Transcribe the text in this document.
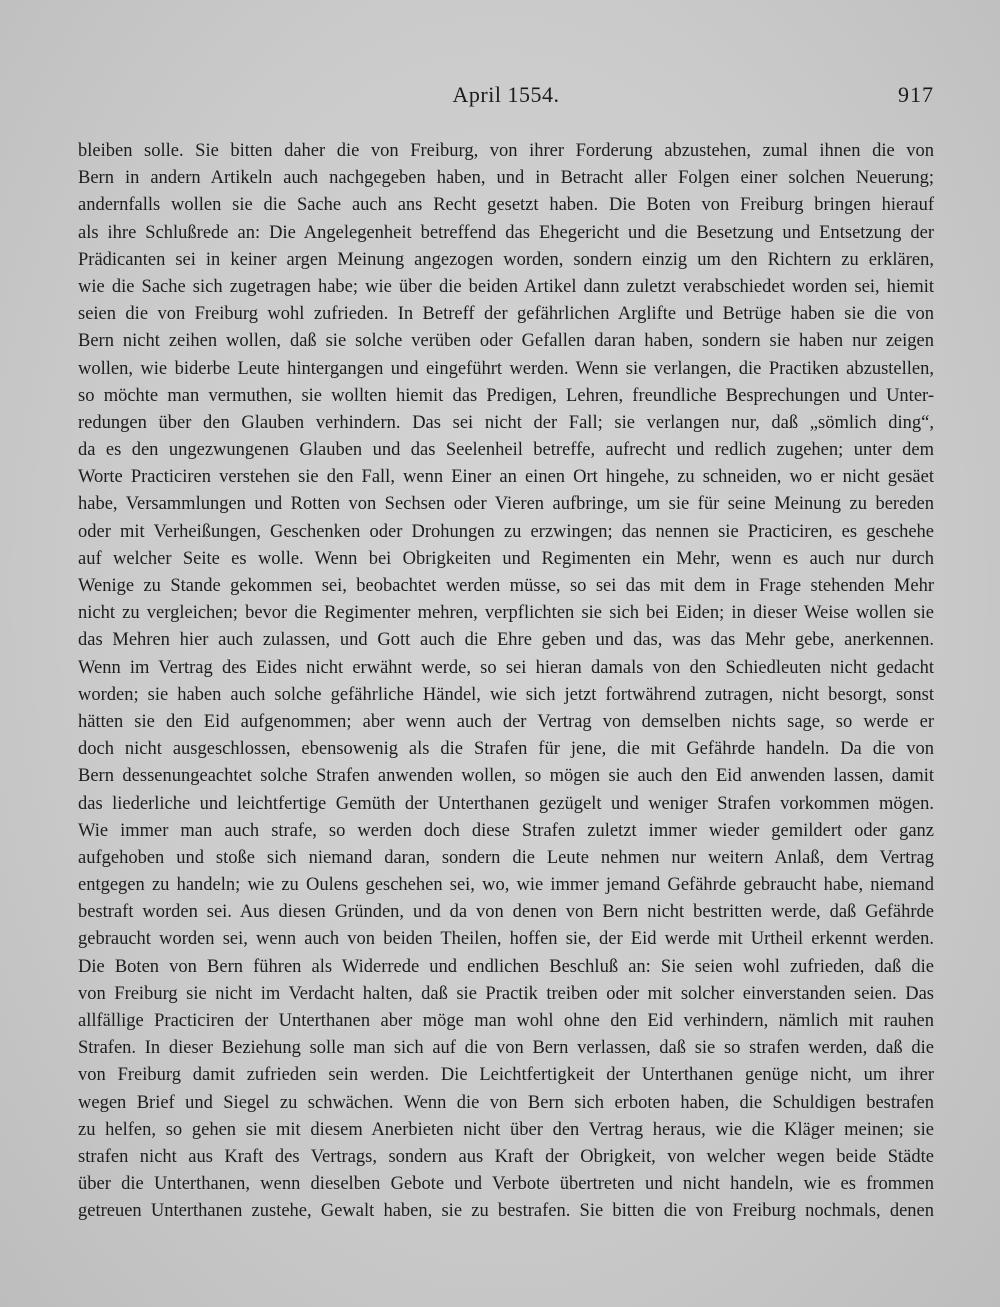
April 1554.	917
bleiben solle. Sie bitten daher die von Freiburg, von ihrer Forderung abzustehen, zumal ihnen die von
Bern in andern Artikeln auch nachgegeben haben, und in Betracht aller Folgen einer solchen Neuerung;
andernfalls wollen sie die Sache auch ans Recht gesetzt haben. Die Boten von Freiburg bringen hierauf
als ihre Schlußrede an: Die Angelegenheit betreffend das Ehegericht und die Besetzung und Entsetzung der
Prädicanten sei in keiner argen Meinung angezogen worden, sondern einzig um den Richtern zu erklären,
wie die Sache sich zugetragen habe; wie über die beiden Artikel dann zuletzt verabschiedet worden sei, hiemit
seien die von Freiburg wohl zufrieden. In Betreff der gefährlichen Arglifte und Betrüge haben sie die von
Bern nicht zeihen wollen, daß sie solche verüben oder Gefallen daran haben, sondern sie haben nur zeigen
wollen, wie biderbe Leute hintergangen und eingeführt werden. Wenn sie verlangen, die Practiken abzustellen,
so möchte man vermuthen, sie wollten hiemit das Predigen, Lehren, freundliche Besprechungen und Unter-
redungen über den Glauben verhindern. Das sei nicht der Fall; sie verlangen nur, daß „sömlich ding“,
da es den ungezwungenen Glauben und das Seelenheil betreffe, aufrecht und redlich zugehen; unter dem
Worte Practiciren verstehen sie den Fall, wenn Einer an einen Ort hingehe, zu schneiden, wo er nicht gesäet
habe, Versammlungen und Rotten von Sechsen oder Vieren aufbringe, um sie für seine Meinung zu bereden
oder mit Verheißungen, Geschenken oder Drohungen zu erzwingen; das nennen sie Practiciren, es geschehe
auf welcher Seite es wolle. Wenn bei Obrigkeiten und Regimenten ein Mehr, wenn es auch nur durch
Wenige zu Stande gekommen sei, beobachtet werden müsse, so sei das mit dem in Frage stehenden Mehr
nicht zu vergleichen; bevor die Regimenter mehren, verpflichten sie sich bei Eiden; in dieser Weise wollen sie
das Mehren hier auch zulassen, und Gott auch die Ehre geben und das, was das Mehr gebe, anerkennen.
Wenn im Vertrag des Eides nicht erwähnt werde, so sei hieran damals von den Schiedleuten nicht gedacht
worden; sie haben auch solche gefährliche Händel, wie sich jetzt fortwährend zutragen, nicht besorgt, sonst
hätten sie den Eid aufgenommen; aber wenn auch der Vertrag von demselben nichts sage, so werde er
doch nicht ausgeschlossen, ebensowenig als die Strafen für jene, die mit Gefährde handeln. Da die von
Bern dessenungeachtet solche Strafen anwenden wollen, so mögen sie auch den Eid anwenden lassen, damit
das liederliche und leichtfertige Gemüth der Unterthanen gezügelt und weniger Strafen vorkommen mögen.
Wie immer man auch strafe, so werden doch diese Strafen zuletzt immer wieder gemildert oder ganz
aufgehoben und stoße sich niemand daran, sondern die Leute nehmen nur weitern Anlaß, dem Vertrag
entgegen zu handeln; wie zu Oulens geschehen sei, wo, wie immer jemand Gefährde gebraucht habe, niemand
bestraft worden sei. Aus diesen Gründen, und da von denen von Bern nicht bestritten werde, daß Gefährde
gebraucht worden sei, wenn auch von beiden Theilen, hoffen sie, der Eid werde mit Urtheil erkennt werden.
Die Boten von Bern führen als Widerrede und endlichen Beschluß an: Sie seien wohl zufrieden, daß die
von Freiburg sie nicht im Verdacht halten, daß sie Practik treiben oder mit solcher einverstanden seien. Das
allfällige Practiciren der Unterthanen aber möge man wohl ohne den Eid verhindern, nämlich mit rauhen
Strafen. In dieser Beziehung solle man sich auf die von Bern verlassen, daß sie so strafen werden, daß die
von Freiburg damit zufrieden sein werden. Die Leichtfertigkeit der Unterthanen genüge nicht, um ihrer
wegen Brief und Siegel zu schwächen. Wenn die von Bern sich erboten haben, die Schuldigen bestrafen
zu helfen, so gehen sie mit diesem Anerbieten nicht über den Vertrag heraus, wie die Kläger meinen; sie
strafen nicht aus Kraft des Vertrags, sondern aus Kraft der Obrigkeit, von welcher wegen beide Städte
über die Unterthanen, wenn dieselben Gebote und Verbote übertreten und nicht handeln, wie es frommen
getreuen Unterthanen zustehe, Gewalt haben, sie zu bestrafen. Sie bitten die von Freiburg nochmals, denen
